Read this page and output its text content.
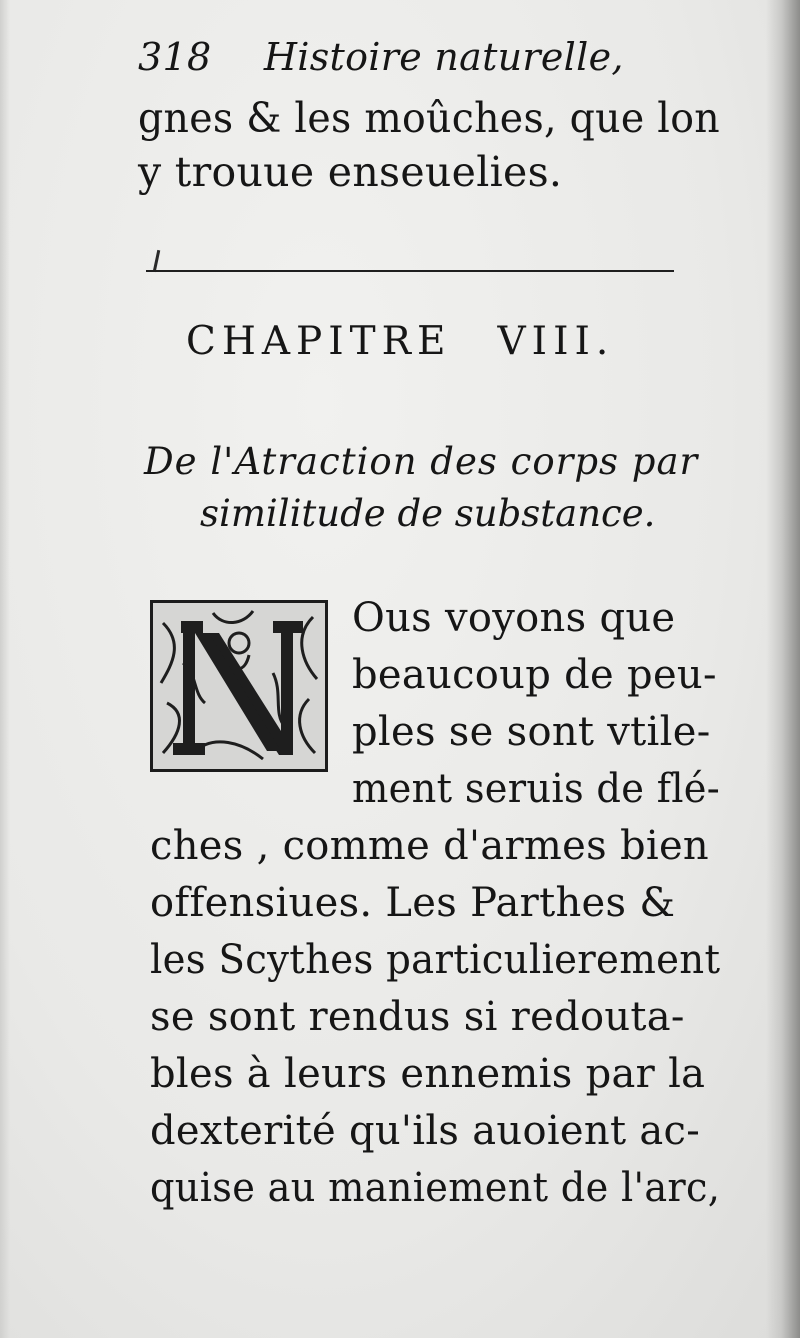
318 Histoire naturelle,
gnes & les moûches, que lon
y trouue enseuelies.
CHAPITRE VIII.
De l'Atraction des corps par
similitude de substance.
Ous voyons que
beaucoup de peu-
ples se sont vtile-
ment seruis de flé-
ches , comme d'armes bien
offensiues. Les Parthes &
les Scythes particulierement
se sont rendus si redouta-
bles à leurs ennemis par la
dexterité qu'ils auoient ac-
quise au maniement de l'arc,
